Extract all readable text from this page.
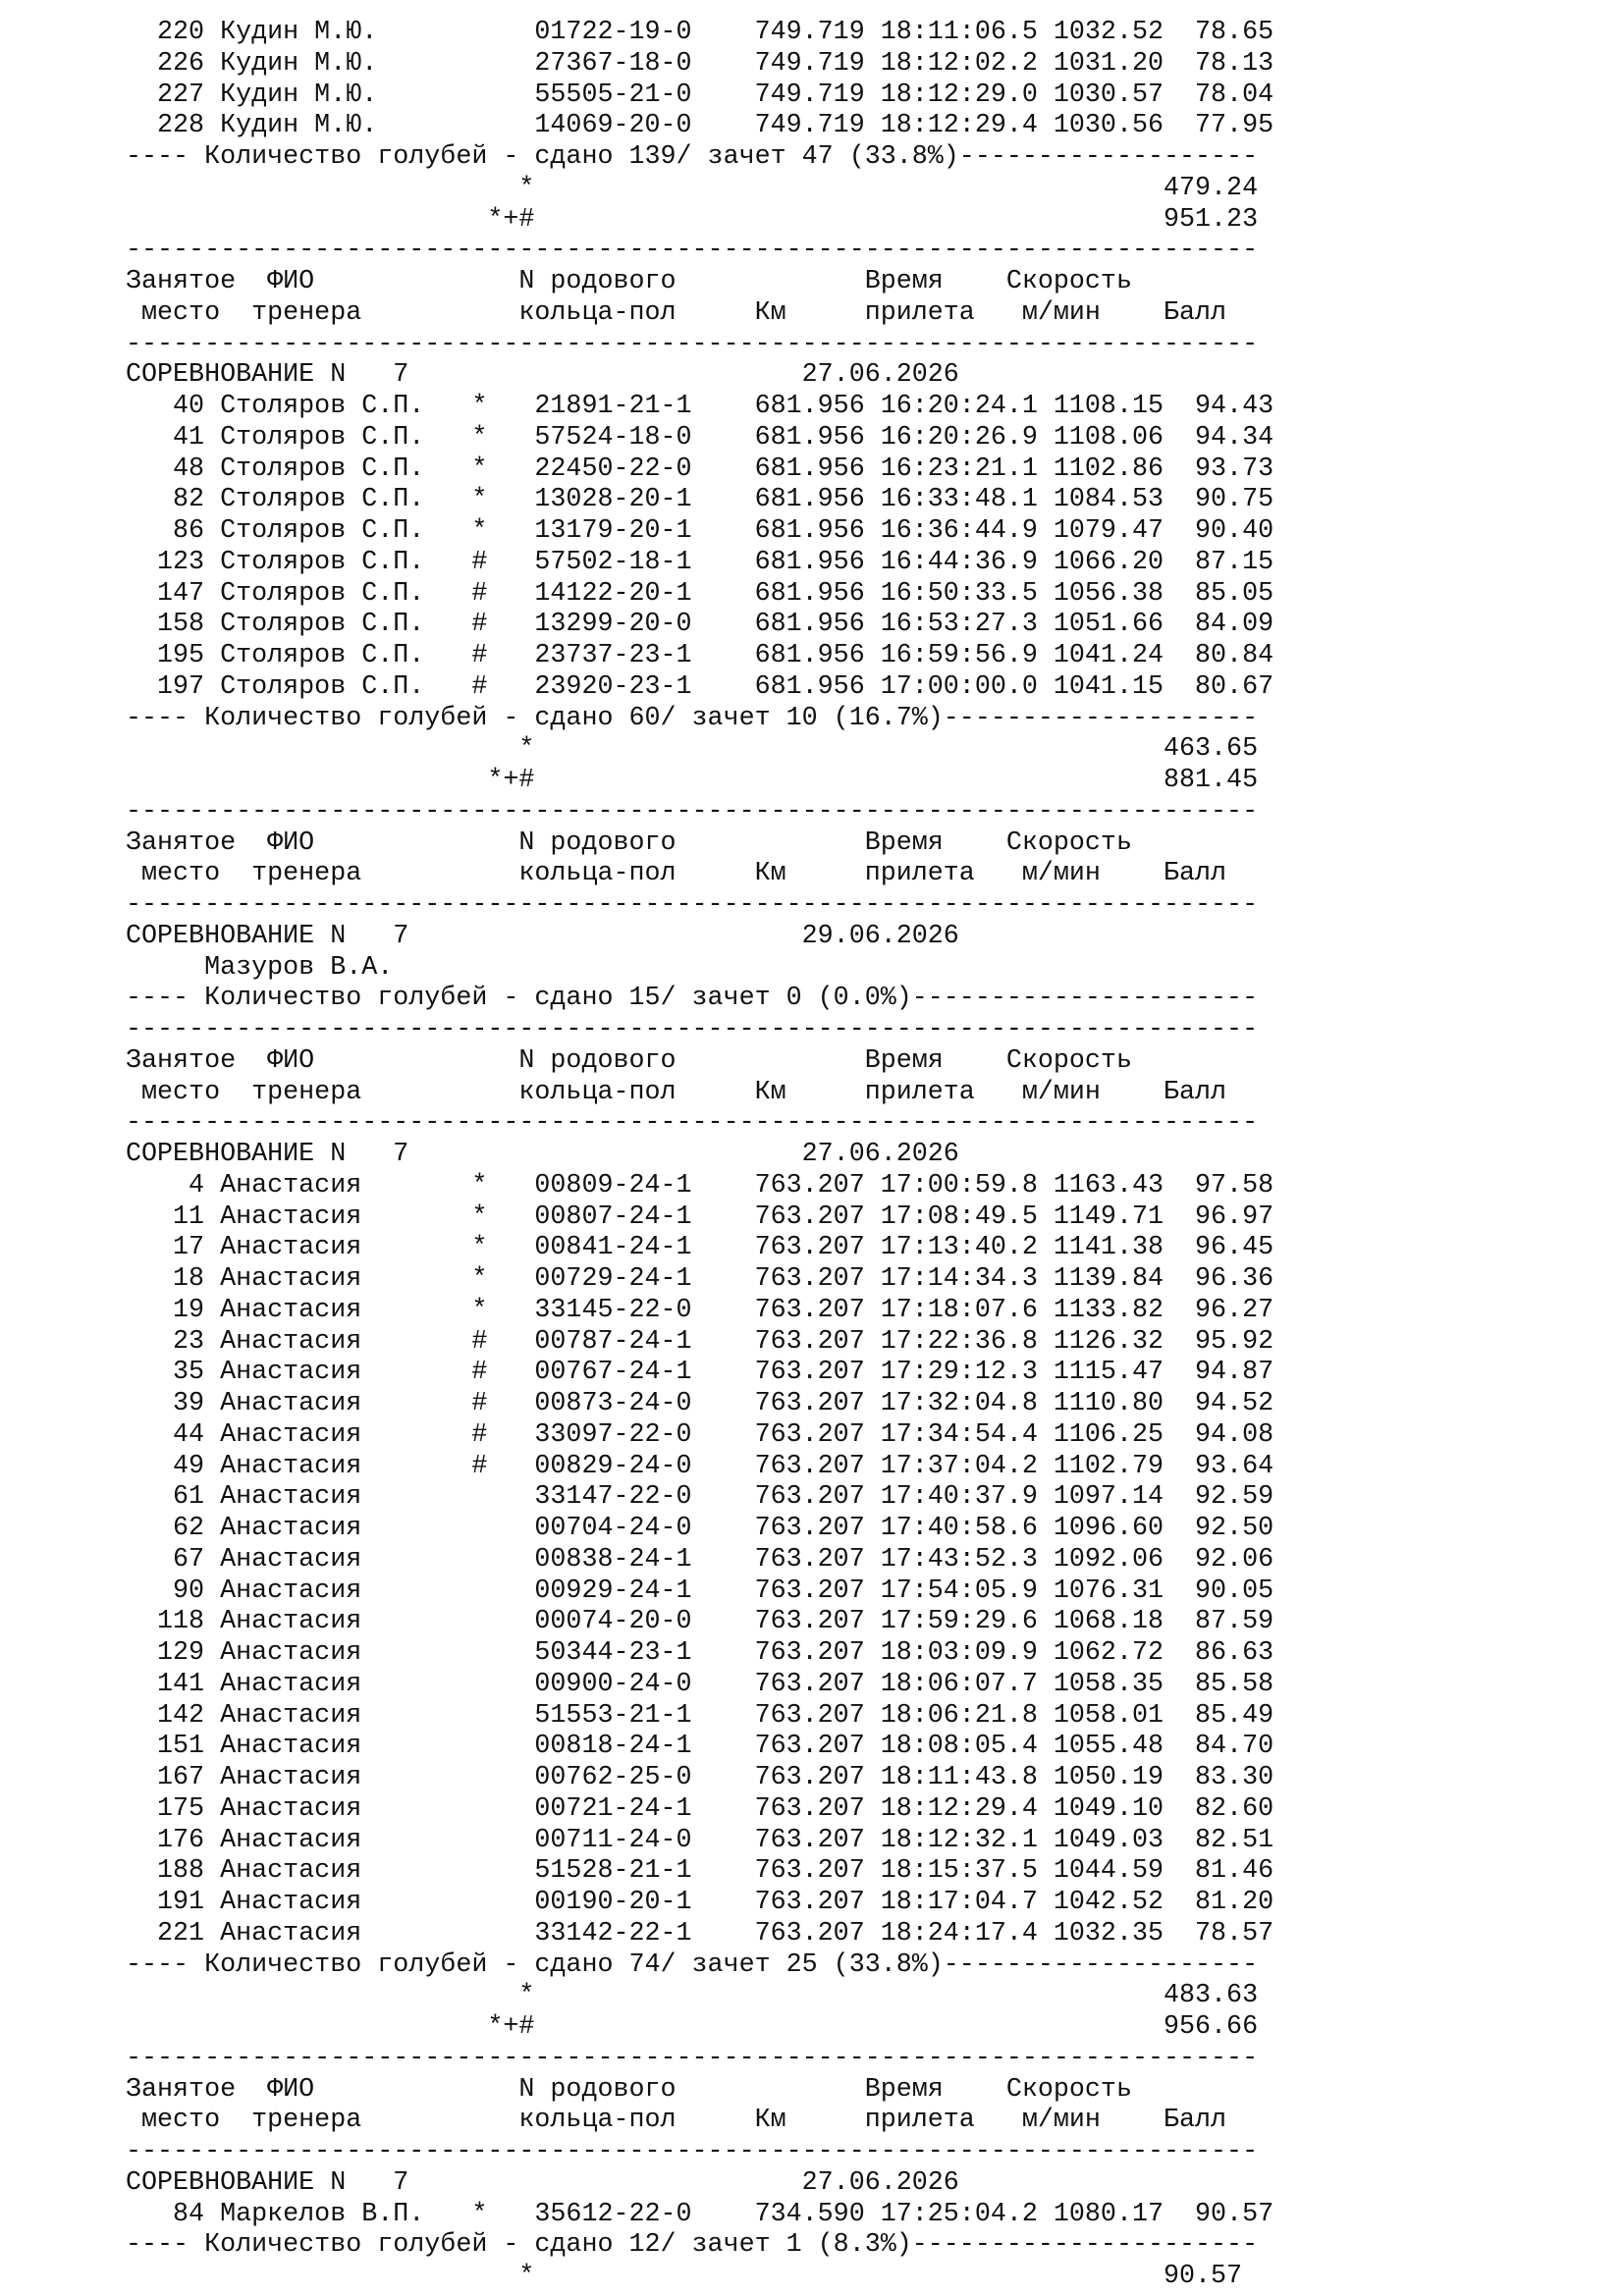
220 Кудин М.Ю.          01722-19-0    749.719 18:11:06.5 1032.52  78.65
226 Кудин М.Ю.          27367-18-0    749.719 18:12:02.2 1031.20  78.13
227 Кудин М.Ю.          55505-21-0    749.719 18:12:29.0 1030.57  78.04
228 Кудин М.Ю.          14069-20-0    749.719 18:12:29.4 1030.56  77.95
---- Количество голубей - сдано 139/ зачет 47 (33.8%)-------------------
*                                        479.24
*+#                                        951.23
------------------------------------------------------------------------
Занятое  ФИО             N родового            Время    Скорость
место  тренера          кольца-пол     Км     прилета   м/мин    Балл
------------------------------------------------------------------------
СОРЕВНОВАНИЕ N   7                         27.06.2026
40 Столяров С.П.   *   21891-21-1    681.956 16:20:24.1 1108.15  94.43
41 Столяров С.П.   *   57524-18-0    681.956 16:20:26.9 1108.06  94.34
48 Столяров С.П.   *   22450-22-0    681.956 16:23:21.1 1102.86  93.73
82 Столяров С.П.   *   13028-20-1    681.956 16:33:48.1 1084.53  90.75
86 Столяров С.П.   *   13179-20-1    681.956 16:36:44.9 1079.47  90.40
123 Столяров С.П.   #   57502-18-1    681.956 16:44:36.9 1066.20  87.15
147 Столяров С.П.   #   14122-20-1    681.956 16:50:33.5 1056.38  85.05
158 Столяров С.П.   #   13299-20-0    681.956 16:53:27.3 1051.66  84.09
195 Столяров С.П.   #   23737-23-1    681.956 16:59:56.9 1041.24  80.84
197 Столяров С.П.   #   23920-23-1    681.956 17:00:00.0 1041.15  80.67
---- Количество голубей - сдано 60/ зачет 10 (16.7%)--------------------
*                                        463.65
*+#                                        881.45
------------------------------------------------------------------------
Занятое  ФИО             N родового            Время    Скорость
место  тренера          кольца-пол     Км     прилета   м/мин    Балл
------------------------------------------------------------------------
СОРЕВНОВАНИЕ N   7                         29.06.2026
Мазуров В.А.
---- Количество голубей - сдано 15/ зачет 0 (0.0%)----------------------
------------------------------------------------------------------------
Занятое  ФИО             N родового            Время    Скорость
место  тренера          кольца-пол     Км     прилета   м/мин    Балл
------------------------------------------------------------------------
СОРЕВНОВАНИЕ N   7                         27.06.2026
4 Анастасия       *   00809-24-1    763.207 17:00:59.8 1163.43  97.58
11 Анастасия       *   00807-24-1    763.207 17:08:49.5 1149.71  96.97
17 Анастасия       *   00841-24-1    763.207 17:13:40.2 1141.38  96.45
18 Анастасия       *   00729-24-1    763.207 17:14:34.3 1139.84  96.36
19 Анастасия       *   33145-22-0    763.207 17:18:07.6 1133.82  96.27
23 Анастасия       #   00787-24-1    763.207 17:22:36.8 1126.32  95.92
35 Анастасия       #   00767-24-1    763.207 17:29:12.3 1115.47  94.87
39 Анастасия       #   00873-24-0    763.207 17:32:04.8 1110.80  94.52
44 Анастасия       #   33097-22-0    763.207 17:34:54.4 1106.25  94.08
49 Анастасия       #   00829-24-0    763.207 17:37:04.2 1102.79  93.64
61 Анастасия           33147-22-0    763.207 17:40:37.9 1097.14  92.59
62 Анастасия           00704-24-0    763.207 17:40:58.6 1096.60  92.50
67 Анастасия           00838-24-1    763.207 17:43:52.3 1092.06  92.06
90 Анастасия           00929-24-1    763.207 17:54:05.9 1076.31  90.05
118 Анастасия           00074-20-0    763.207 17:59:29.6 1068.18  87.59
129 Анастасия           50344-23-1    763.207 18:03:09.9 1062.72  86.63
141 Анастасия           00900-24-0    763.207 18:06:07.7 1058.35  85.58
142 Анастасия           51553-21-1    763.207 18:06:21.8 1058.01  85.49
151 Анастасия           00818-24-1    763.207 18:08:05.4 1055.48  84.70
167 Анастасия           00762-25-0    763.207 18:11:43.8 1050.19  83.30
175 Анастасия           00721-24-1    763.207 18:12:29.4 1049.10  82.60
176 Анастасия           00711-24-0    763.207 18:12:32.1 1049.03  82.51
188 Анастасия           51528-21-1    763.207 18:15:37.5 1044.59  81.46
191 Анастасия           00190-20-1    763.207 18:17:04.7 1042.52  81.20
221 Анастасия           33142-22-1    763.207 18:24:17.4 1032.35  78.57
---- Количество голубей - сдано 74/ зачет 25 (33.8%)--------------------
*                                        483.63
*+#                                        956.66
------------------------------------------------------------------------
Занятое  ФИО             N родового            Время    Скорость
место  тренера          кольца-пол     Км     прилета   м/мин    Балл
------------------------------------------------------------------------
СОРЕВНОВАНИЕ N   7                         27.06.2026
84 Маркелов В.П.   *   35612-22-0    734.590 17:25:04.2 1080.17  90.57
---- Количество голубей - сдано 12/ зачет 1 (8.3%)----------------------
*                                        90.57
